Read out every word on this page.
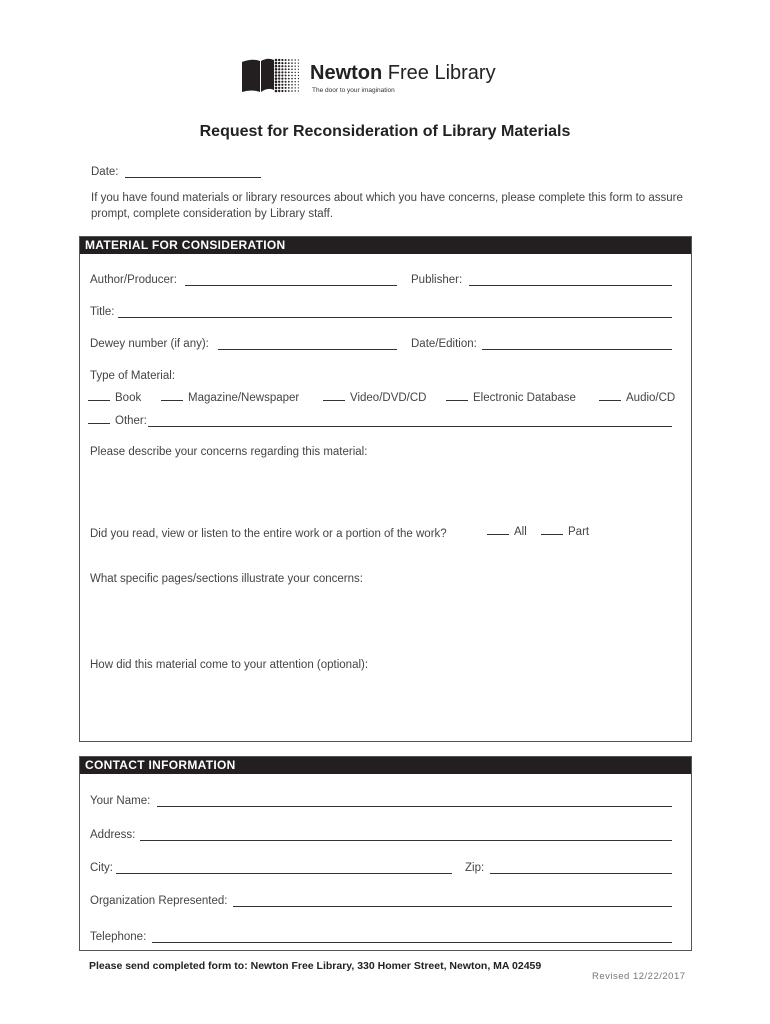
Newton Free Library
The door to your imagination
Request for Reconsideration of Library Materials
Date:
If you have found materials or library resources about which you have concerns, please complete this form to assure prompt, complete consideration by Library staff.
MATERIAL FOR CONSIDERATION
Author/Producer:	Publisher:
Title:
Dewey number (if any):	Date/Edition:
Type of Material:
Book	Magazine/Newspaper	Video/DVD/CD	Electronic Database	Audio/CD
Other:
Please describe your concerns regarding this material:
Did you read, view or listen to the entire work or a portion of the work?	All	Part
What specific pages/sections illustrate your concerns:
How did this material come to your attention (optional):
CONTACT INFORMATION
Your Name:
Address:
City:	Zip:
Organization Represented:
Telephone:
Please send completed form to: Newton Free Library, 330 Homer Street, Newton, MA 02459
Revised 12/22/2017
